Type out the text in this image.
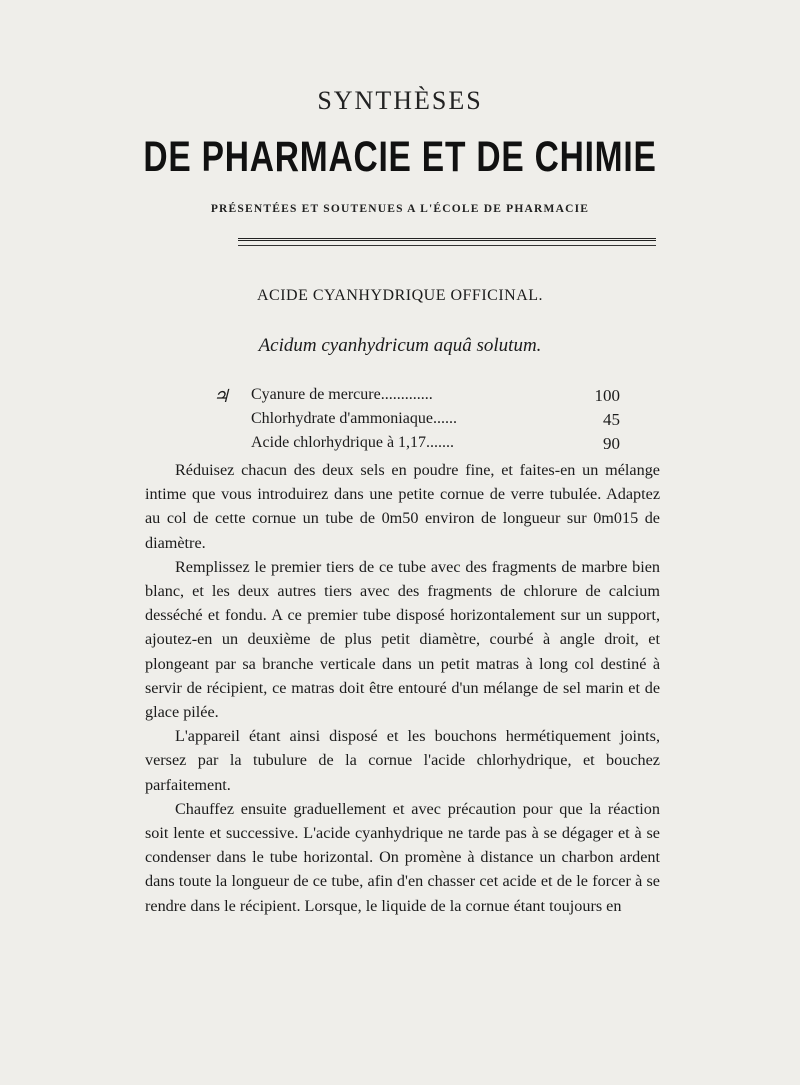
SYNTHÈSES
DE PHARMACIE ET DE CHIMIE
PRÉSENTÉES ET SOUTENUES A L'ÉCOLE DE PHARMACIE
ACIDE CYANHYDRIQUE OFFICINAL.
Acidum cyanhydricum aquâ solutum.
♃ Cyanure de mercure.............	100
Chlorhydrate d'ammoniaque......	45
Acide chlorhydrique à 1,17.......	90

Réduisez chacun des deux sels en poudre fine, et faites-en un mélange intime que vous introduirez dans une petite cornue de verre tubulée. Adaptez au col de cette cornue un tube de 0m50 environ de longueur sur 0m015 de diamètre.

Remplissez le premier tiers de ce tube avec des fragments de marbre bien blanc, et les deux autres tiers avec des fragments de chlorure de calcium desséché et fondu. A ce premier tube disposé horizontalement sur un support, ajoutez-en un deuxième de plus petit diamètre, courbé à angle droit, et plongeant par sa branche verticale dans un petit matras à long col destiné à servir de récipient, ce matras doit être entouré d'un mélange de sel marin et de glace pilée.

L'appareil étant ainsi disposé et les bouchons hermétiquement joints, versez par la tubulure de la cornue l'acide chlorhydrique, et bouchez parfaitement.

Chauffez ensuite graduellement et avec précaution pour que la réaction soit lente et successive. L'acide cyanhydrique ne tarde pas à se dégager et à se condenser dans le tube horizontal. On promène à distance un charbon ardent dans toute la longueur de ce tube, afin d'en chasser cet acide et de le forcer à se rendre dans le récipient. Lorsque, le liquide de la cornue étant toujours en
